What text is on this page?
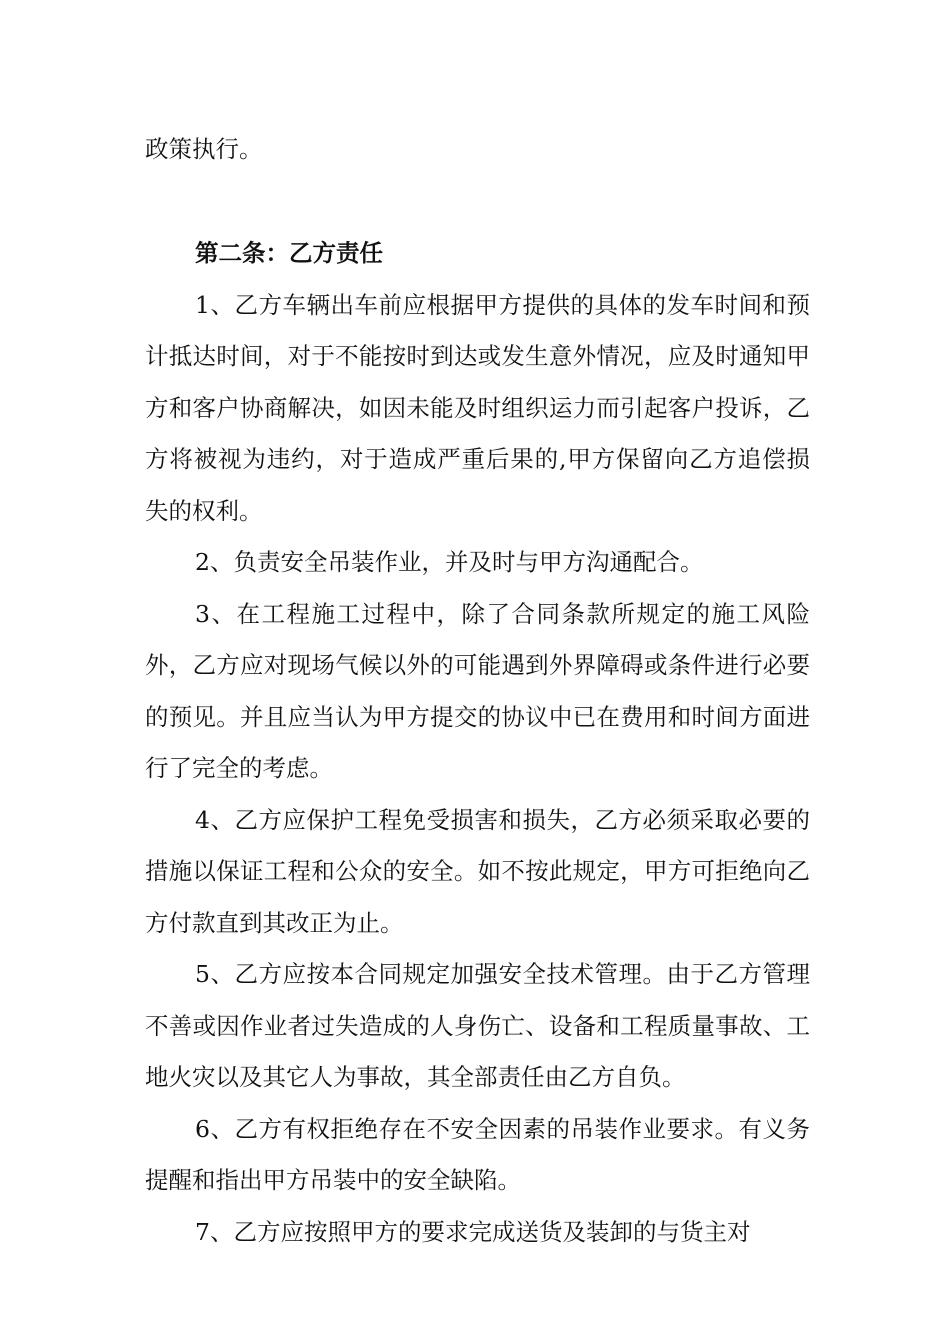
政策执行。

第二条：乙方责任

1、乙方车辆出车前应根据甲方提供的具体的发车时间和预计抵达时间，对于不能按时到达或发生意外情况，应及时通知甲方和客户协商解决，如因未能及时组织运力而引起客户投诉，乙方将被视为违约，对于造成严重后果的,甲方保留向乙方追偿损失的权利。

2、负责安全吊装作业，并及时与甲方沟通配合。

3、在工程施工过程中，除了合同条款所规定的施工风险外，乙方应对现场气候以外的可能遇到外界障碍或条件进行必要的预见。并且应当认为甲方提交的协议中已在费用和时间方面进行了完全的考虑。

4、乙方应保护工程免受损害和损失，乙方必须采取必要的措施以保证工程和公众的安全。如不按此规定，甲方可拒绝向乙方付款直到其改正为止。

5、乙方应按本合同规定加强安全技术管理。由于乙方管理不善或因作业者过失造成的人身伤亡、设备和工程质量事故、工地火灾以及其它人为事故，其全部责任由乙方自负。

6、乙方有权拒绝存在不安全因素的吊装作业要求。有义务提醒和指出甲方吊装中的安全缺陷。

7、乙方应按照甲方的要求完成送货及装卸的与货主对
